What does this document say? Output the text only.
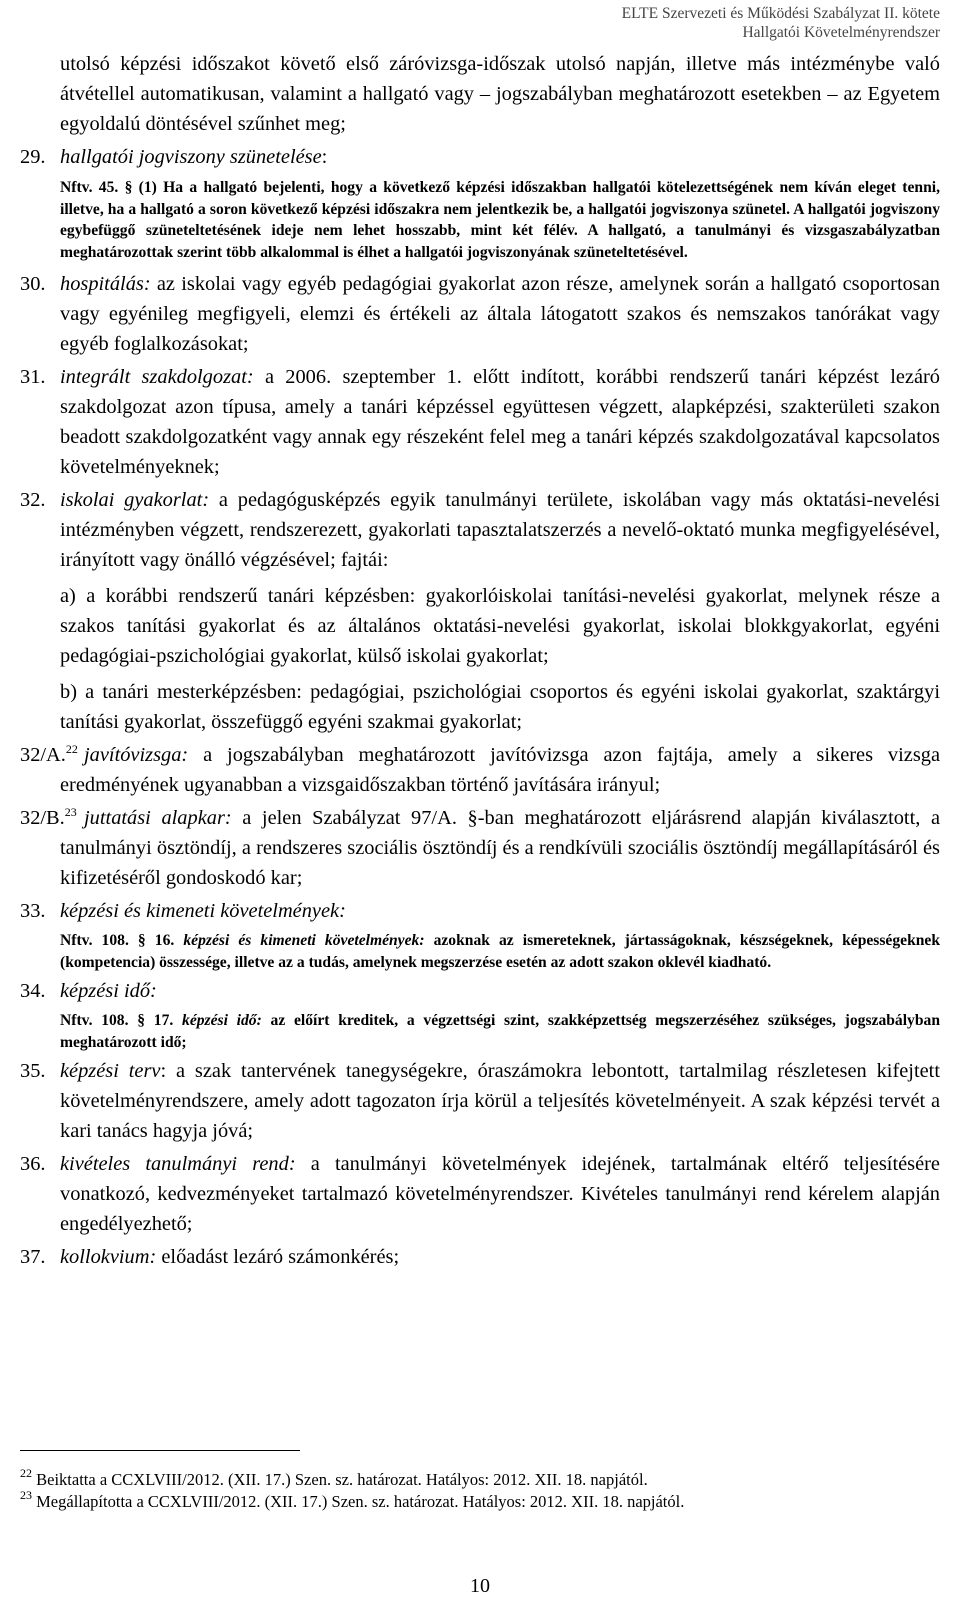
ELTE Szervezeti és Működési Szabályzat II. kötete
Hallgatói Követelményrendszer

utolsó képzési időszakot követő első záróvizsga-időszak utolsó napján, illetve más intézménybe való átvétellel automatikusan, valamint a hallgató vagy – jogszabályban meghatározott esetekben – az Egyetem egyoldalú döntésével szűnhet meg;

29. hallgatói jogviszony szünetelése:

Nftv. 45. § (1) Ha a hallgató bejelenti, hogy a következő képzési időszakban hallgatói kötelezettségének nem kíván eleget tenni, illetve, ha a hallgató a soron következő képzési időszakra nem jelentkezik be, a hallgatói jogviszonya szünetel. A hallgatói jogviszony egybefüggő szüneteltetésének ideje nem lehet hosszabb, mint két félév. A hallgató, a tanulmányi és vizsgaszabályzatban meghatározottak szerint több alkalommal is élhet a hallgatói jogviszonyának szüneteltetésével.

30. hospitálás: az iskolai vagy egyéb pedagógiai gyakorlat azon része, amelynek során a hallgató csoportosan vagy egyénileg megfigyeli, elemzi és értékeli az általa látogatott szakos és nemszakos tanórákat vagy egyéb foglalkozásokat;

31. integrált szakdolgozat: a 2006. szeptember 1. előtt indított, korábbi rendszerű tanári képzést lezáró szakdolgozat azon típusa, amely a tanári képzéssel együttesen végzett, alapképzési, szakterületi szakon beadott szakdolgozatként vagy annak egy részeként felel meg a tanári képzés szakdolgozatával kapcsolatos követelményeknek;

32. iskolai gyakorlat: a pedagógusképzés egyik tanulmányi területe, iskolában vagy más oktatási-nevelési intézményben végzett, rendszerezett, gyakorlati tapasztalatszerzés a nevelő-oktató munka megfigyelésével, irányított vagy önálló végzésével; fajtái:

a) a korábbi rendszerű tanári képzésben: gyakorlóiskolai tanítási-nevelési gyakorlat, melynek része a szakos tanítási gyakorlat és az általános oktatási-nevelési gyakorlat, iskolai blokkgyakorlat, egyéni pedagógiai-pszichológiai gyakorlat, külső iskolai gyakorlat;

b) a tanári mesterképzésben: pedagógiai, pszichológiai csoportos és egyéni iskolai gyakorlat, szaktárgyi tanítási gyakorlat, összefüggő egyéni szakmai gyakorlat;

32/A.$^{22}$ javítóvizsga: a jogszabályban meghatározott javítóvizsga azon fajtája, amely a sikeres vizsga eredményének ugyanabban a vizsgaidőszakban történő javítására irányul;

32/B.$^{23}$ juttatási alapkar: a jelen Szabályzat 97/A. §-ban meghatározott eljárásrend alapján kiválasztott, a tanulmányi ösztöndíj, a rendszeres szociális ösztöndíj és a rendkívüli szociális ösztöndíj megállapításáról és kifizetéséről gondoskodó kar;

33. képzési és kimeneti követelmények:

Nftv. 108. § 16. képzési és kimeneti követelmények: azoknak az ismereteknek, jártasságoknak, készségeknek, képességeknek (kompetencia) összessége, illetve az a tudás, amelynek megszerzése esetén az adott szakon oklevél kiadható.

34. képzési idő:

Nftv. 108. § 17. képzési idő: az előírt kreditek, a végzettségi szint, szakképzettség megszerzéséhez szükséges, jogszabályban meghatározott idő;

35. képzési terv: a szak tantervének tanegységekre, óraszámokra lebontott, tartalmilag részletesen kifejtett követelményrendszere, amely adott tagozaton írja körül a teljesítés követelményeit. A szak képzési tervét a kari tanács hagyja jóvá;

36. kivételes tanulmányi rend: a tanulmányi követelmények idejének, tartalmának eltérő teljesítésére vonatkozó, kedvezményeket tartalmazó követelményrendszer. Kivételes tanulmányi rend kérelem alapján engedélyezhető;

37. kollokvium: előadást lezáró számonkérés;

$^{22}$ Beiktatta a CCXLVIII/2012. (XII. 17.) Szen. sz. határozat. Hatályos: 2012. XII. 18. napjától.
$^{23}$ Megállapította a CCXLVIII/2012. (XII. 17.) Szen. sz. határozat. Hatályos: 2012. XII. 18. napjától.
10
